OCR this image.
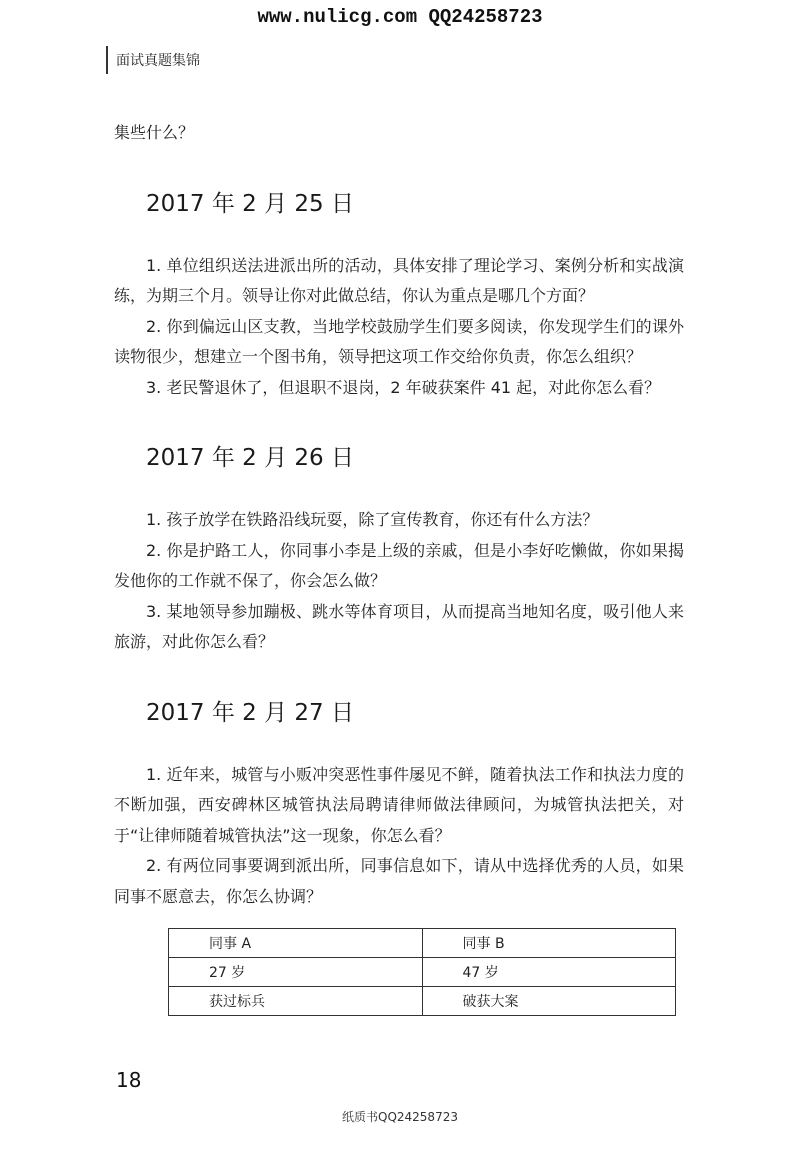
www.nulicg.com QQ24258723
面试真题集锦

集些什么？

2017 年 2 月 25 日

1. 单位组织送法进派出所的活动，具体安排了理论学习、案例分析和实战演练，为期三个月。领导让你对此做总结，你认为重点是哪几个方面？

2. 你到偏远山区支教，当地学校鼓励学生们要多阅读，你发现学生们的课外读物很少，想建立一个图书角，领导把这项工作交给你负责，你怎么组织？

3. 老民警退休了，但退职不退岗，2 年破获案件 41 起，对此你怎么看？

2017 年 2 月 26 日

1. 孩子放学在铁路沿线玩耍，除了宣传教育，你还有什么方法？

2. 你是护路工人，你同事小李是上级的亲戚，但是小李好吃懒做，你如果揭发他你的工作就不保了，你会怎么做？

3. 某地领导参加蹦极、跳水等体育项目，从而提高当地知名度，吸引他人来旅游，对此你怎么看？

2017 年 2 月 27 日

1. 近年来，城管与小贩冲突恶性事件屡见不鲜，随着执法工作和执法力度的不断加强，西安碑林区城管执法局聘请律师做法律顾问，为城管执法把关，对于“让律师随着城管执法”这一现象，你怎么看？

2. 有两位同事要调到派出所，同事信息如下，请从中选择优秀的人员，如果同事不愿意去，你怎么协调？

同事 A	同事 B
27 岁	47 岁
获过标兵	破获大案
18
纸质书QQ24258723
